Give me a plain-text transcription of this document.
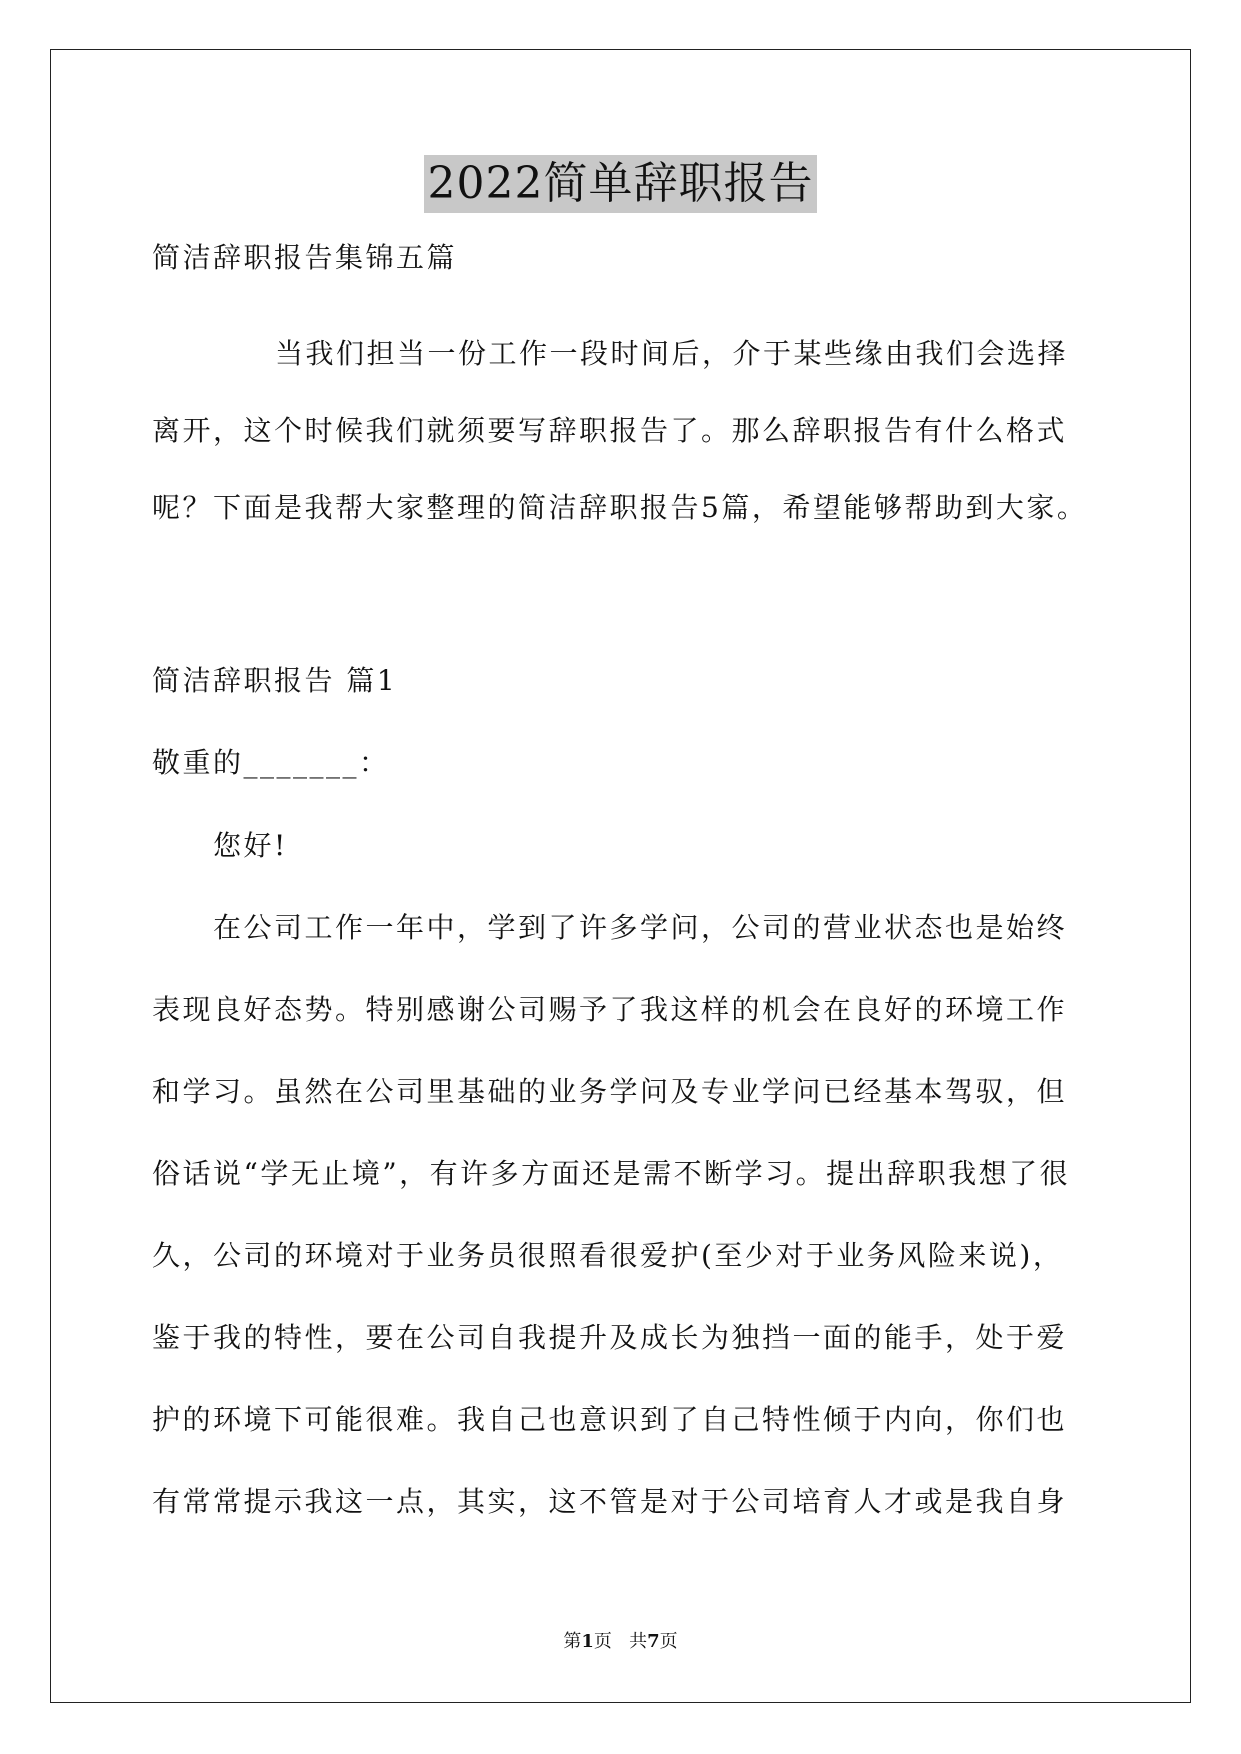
2022简单辞职报告
简洁辞职报告集锦五篇
当我们担当一份工作一段时间后，介于某些缘由我们会选择
离开，这个时候我们就须要写辞职报告了。那么辞职报告有什么格式
呢？下面是我帮大家整理的简洁辞职报告5篇，希望能够帮助到大家。
简洁辞职报告 篇1
敬重的_______：
您好!
在公司工作一年中，学到了许多学问，公司的营业状态也是始终
表现良好态势。特别感谢公司赐予了我这样的机会在良好的环境工作
和学习。虽然在公司里基础的业务学问及专业学问已经基本驾驭，但
俗话说“学无止境”，有许多方面还是需不断学习。提出辞职我想了很
久，公司的环境对于业务员很照看很爱护(至少对于业务风险来说)，
鉴于我的特性，要在公司自我提升及成长为独挡一面的能手，处于爱
护的环境下可能很难。我自己也意识到了自己特性倾于内向，你们也
有常常提示我这一点，其实，这不管是对于公司培育人才或是我自身
第1页   共7页
